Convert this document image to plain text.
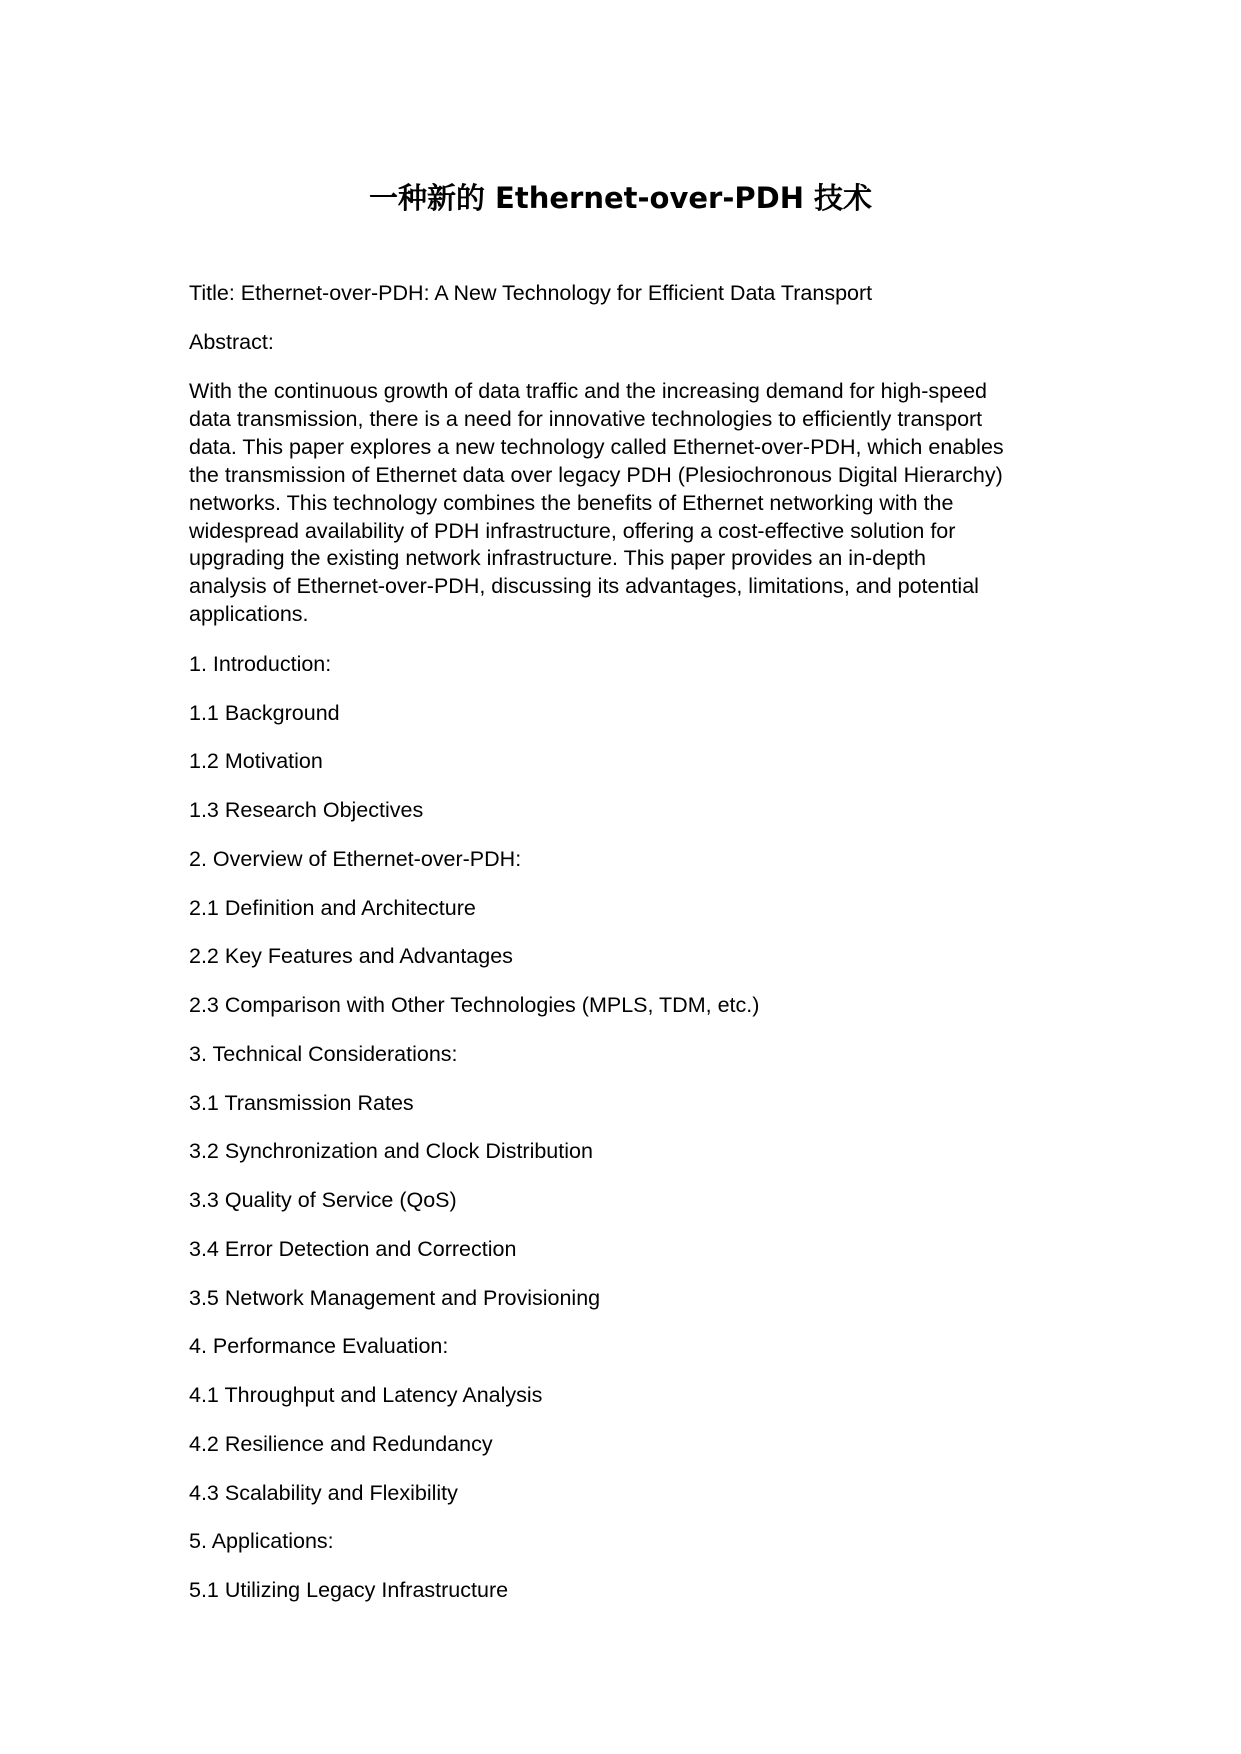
一种新的 Ethernet-over-PDH 技术

Title: Ethernet-over-PDH: A New Technology for Efficient Data Transport

Abstract:

With the continuous growth of data traffic and the increasing demand for high-speed
data transmission, there is a need for innovative technologies to efficiently transport
data. This paper explores a new technology called Ethernet-over-PDH, which enables
the transmission of Ethernet data over legacy PDH (Plesiochronous Digital Hierarchy)
networks. This technology combines the benefits of Ethernet networking with the
widespread availability of PDH infrastructure, offering a cost-effective solution for
upgrading the existing network infrastructure. This paper provides an in-depth
analysis of Ethernet-over-PDH, discussing its advantages, limitations, and potential
applications.

1. Introduction:

1.1 Background

1.2 Motivation

1.3 Research Objectives

2. Overview of Ethernet-over-PDH:

2.1 Definition and Architecture

2.2 Key Features and Advantages

2.3 Comparison with Other Technologies (MPLS, TDM, etc.)

3. Technical Considerations:

3.1 Transmission Rates

3.2 Synchronization and Clock Distribution

3.3 Quality of Service (QoS)

3.4 Error Detection and Correction

3.5 Network Management and Provisioning

4. Performance Evaluation:

4.1 Throughput and Latency Analysis

4.2 Resilience and Redundancy

4.3 Scalability and Flexibility

5. Applications:

5.1 Utilizing Legacy Infrastructure
